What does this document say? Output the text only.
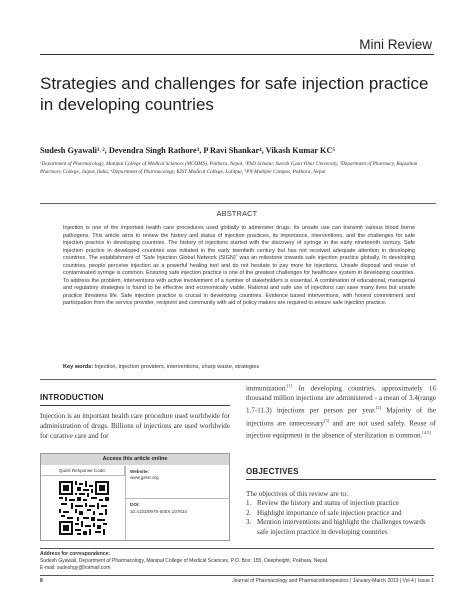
Mini Review
Strategies and challenges for safe injection practice in developing countries
Sudesh Gyawali¹˒², Devendra Singh Rathore³, P Ravi Shankar⁴, Vikash Kumar KC⁵
¹Department of Pharmacology, Manipal College of Medical Sciences (MCOMS), Pokhara, Nepal, ²PhD Scholar, Suresh Gyan Vihar University, ³Department of Pharmacy, Rajasthan Pharmacy College, Jaipur, India, ⁴Department of Pharmacology, KIST Medical College, Lalitpur, ⁵PN Multiple Campus, Pokhara, Nepal
ABSTRACT
Injection is one of the important health care procedures used globally to administer drugs. Its unsafe use can transmit various blood borne pathogens. This article aims to review the history and status of injection practices, its importance, interventions, and the challenges for safe injection practice in developing countries. The history of injections started with the discovery of syringe in the early nineteenth century. Safe injection practice in developed countries was initiated in the early twentieth century but has not received adequate attention in developing countries. The establishment of “Safe Injection Global Network (SIGN)” was an milestone towards safe injection practice globally. In developing countries, people perceive injection as a powerful healing tool and do not hesitate to pay more for injections. Unsafe disposal and reuse of contaminated syringe is common. Ensuring safe injection practice is one of the greatest challenges for healthcare system in developing countries. To address the problem, interventions with active involvement of a number of stakeholders is essential. A combination of educational, managerial and regulatory strategies is found to be effective and economically viable. Rational and safe use of injections can save many lives but unsafe practice threatens life. Safe injection practice is crucial in developing countries. Evidence based interventions, with honest commitment and participation from the service provider, recipient and community with aid of policy makers are required to ensure safe injection practice.
Key words: Injection, injection providers, interventions, sharp waste, strategies
INTRODUCTION
Injection is an important health care procedure used worldwide for administration of drugs. Billions of injections are used worldwide for curative care and for
Access this article online
Quick Response Code:	Website:
www.jphsr.org
DOI:
10.4103/0976-500X.107634
immunization.[1] In developing countries, approximately 16 thousand million injections are administered - a mean of 3.4(range 1.7-11.3) injections per person per year.[2] Majority of the injections are unnecessary[3] and are not used safely. Reuse of injection equipment in the absence of sterilization is common.[4,5]
OBJECTIVES
The objectives of this review are to:
1. Review the history and status of injection practice
2. Highlight importance of safe injection practice and
3. Mention interventions and highlight the challenges towards safe injection practice in developing countries
Address for correspondence:
Sudesh Gyawali, Department of Pharmacology, Manipal College of Medical Sciences, P.O. Box: 155, Deepheight, Pokhara, Nepal.
E-mail: sudeshgy@hotmail.com
8	Journal of Pharmacology and Pharmacotherapeutics | January-March 2013 | Vol 4 | Issue 1
